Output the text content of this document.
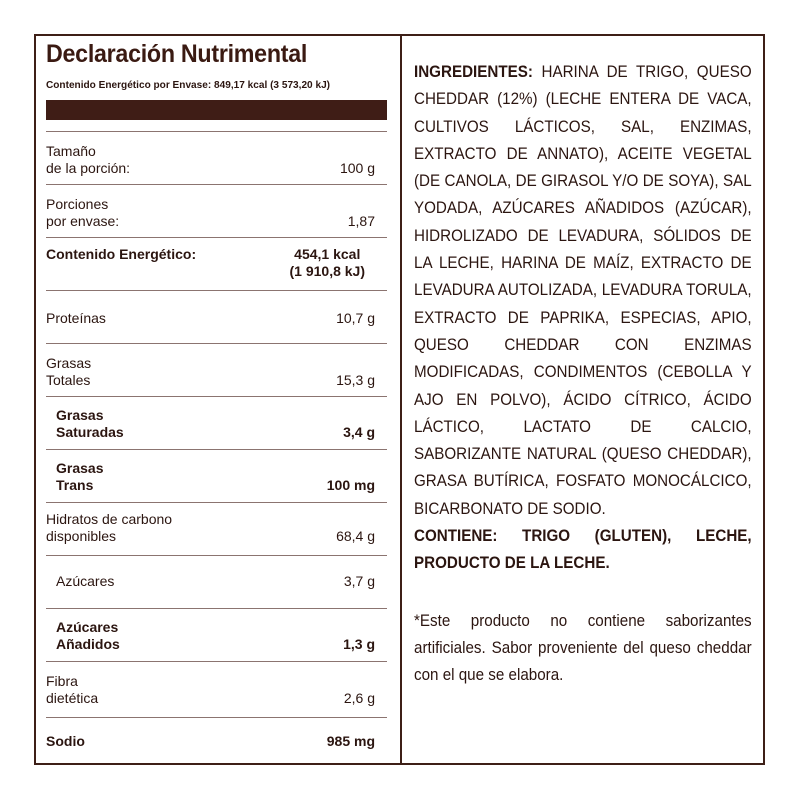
Declaración Nutrimental
Contenido Energético por Envase: 849,17 kcal (3 573,20 kJ)
Tamaño
de la porción:	100 g
Porciones
por envase:	1,87
Contenido Energético:	454,1 kcal
(1 910,8 kJ)
Proteínas	10,7 g
Grasas
Totales	15,3 g
Grasas
Saturadas	3,4 g
Grasas
Trans	100 mg
Hidratos de carbono
disponibles	68,4 g
Azúcares	3,7 g
Azúcares
Añadidos	1,3 g
Fibra
dietética	2,6 g
Sodio	985 mg
INGREDIENTES: HARINA DE TRIGO, QUESO CHEDDAR (12%) (LECHE ENTERA DE VACA, CULTIVOS LÁCTICOS, SAL, ENZIMAS, EXTRACTO DE ANNATO), ACEITE VEGETAL (DE CANOLA, DE GIRASOL Y/O DE SOYA), SAL YODADA, AZÚCARES AÑADIDOS (AZÚCAR), HIDROLIZADO DE LEVADURA, SÓLIDOS DE LA LECHE, HARINA DE MAÍZ, EXTRACTO DE LEVADURA AUTOLIZADA, LEVADURA TORULA, EXTRACTO DE PAPRIKA, ESPECIAS, APIO, QUESO CHEDDAR CON ENZIMAS MODIFICADAS, CONDIMENTOS (CEBOLLA Y AJO EN POLVO), ÁCIDO CÍTRICO, ÁCIDO LÁCTICO, LACTATO DE CALCIO, SABORIZANTE NATURAL (QUESO CHEDDAR), GRASA BUTÍRICA, FOSFATO MONOCÁLCICO, BICARBONATO DE SODIO.
CONTIENE: TRIGO (GLUTEN), LECHE, PRODUCTO DE LA LECHE.
*Este producto no contiene saborizantes artificiales. Sabor proveniente del queso cheddar con el que se elabora.
